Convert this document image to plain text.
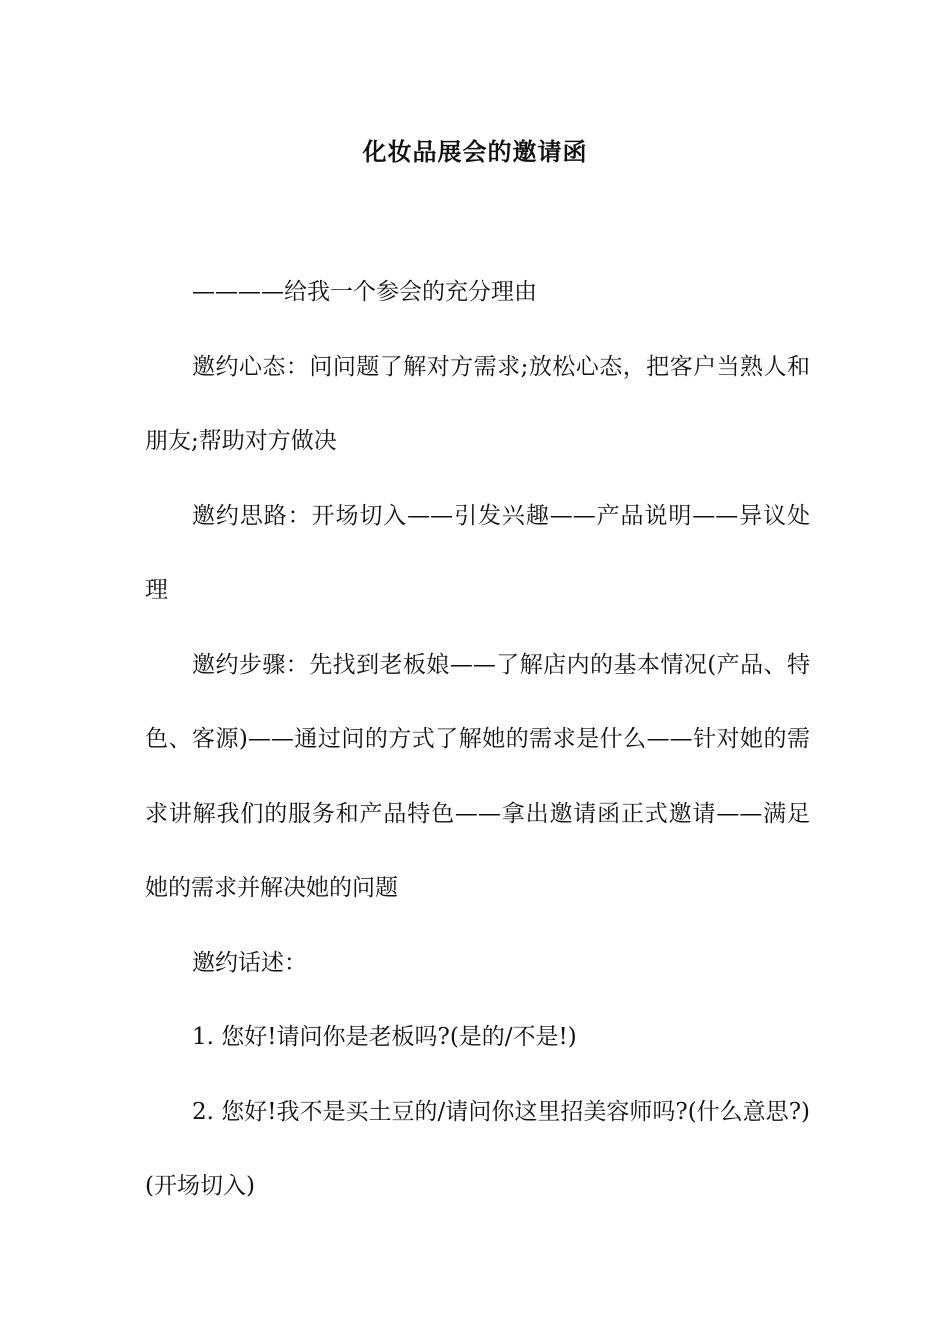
化妆品展会的邀请函

————给我一个参会的充分理由

邀约心态：问问题了解对方需求;放松心态，把客户当熟人和朋友;帮助对方做决

邀约思路：开场切入——引发兴趣——产品说明——异议处理

邀约步骤：先找到老板娘——了解店内的基本情况(产品、特色、客源)——通过问的方式了解她的需求是什么——针对她的需求讲解我们的服务和产品特色——拿出邀请函正式邀请——满足她的需求并解决她的问题

邀约话述：

1. 您好!请问你是老板吗?(是的/不是!)

2. 您好!我不是买土豆的/请问你这里招美容师吗?(什么意思?)(开场切入)
